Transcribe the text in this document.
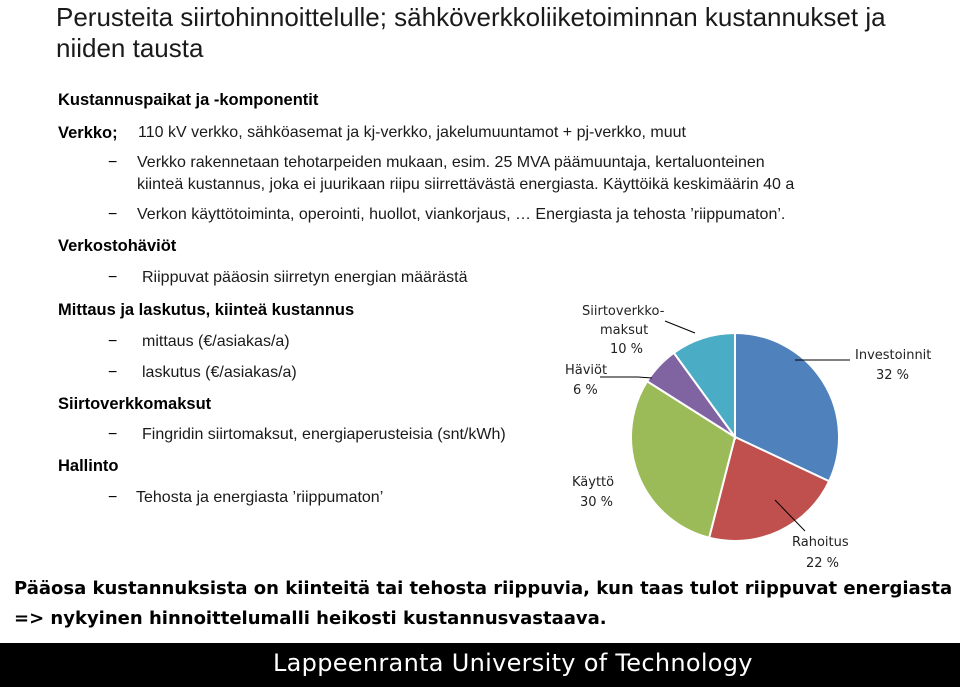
Perusteita siirtohinnoittelulle; sähköverkkoliiketoiminnan kustannukset ja niiden tausta
Kustannuspaikat ja -komponentit
Verkko; 110 kV verkko, sähköasemat ja kj-verkko, jakelumuuntamot + pj-verkko, muut
− Verkko rakennetaan tehotarpeiden mukaan, esim. 25 MVA päämuuntaja, kertaluonteinen
kiinteä kustannus, joka ei juurikaan riipu siirrettävästä energiasta. Käyttöikä keskimäärin 40 a
− Verkon käyttötoiminta, operointi, huollot, viankorjaus, … Energiasta ja tehosta ’riippumaton’.
Verkostohäviöt
− Riippuvat pääosin siirretyn energian määrästä
Mittaus ja laskutus, kiinteä kustannus
− mittaus (€/asiakas/a)
− laskutus (€/asiakas/a)
Siirtoverkkomaksut
− Fingridin siirtomaksut, energiaperusteisia (snt/kWh)
Hallinto
− Tehosta ja energiasta ’riippumaton’
Siirtoverkko-
maksut
10 %
Häviöt
6 %
Käyttö
30 %
Investoinnit
32 %
Rahoitus
22 %
Pääosa kustannuksista on kiinteitä tai tehosta riippuvia, kun taas tulot riippuvat energiasta
=> nykyinen hinnoittelumalli heikosti kustannusvastaava.
Lappeenranta University of Technology
